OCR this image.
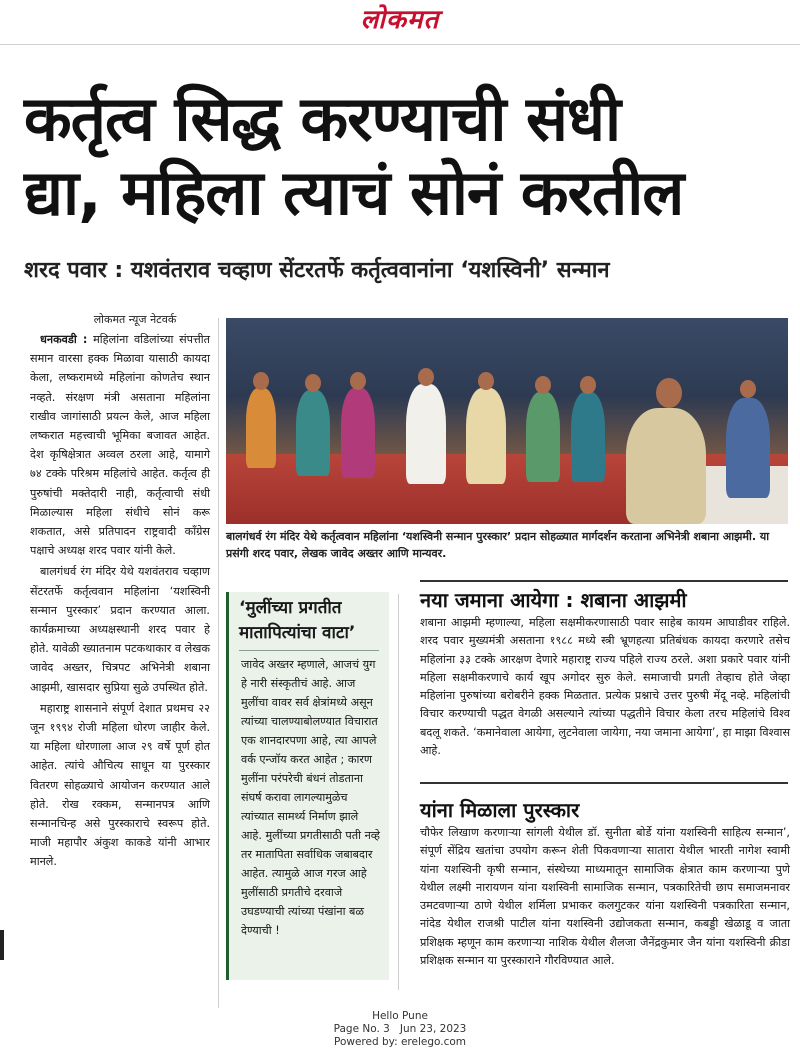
लोकमत
कर्तृत्व सिद्ध करण्याची संधी
द्या, महिला त्याचं सोनं करतील
शरद पवार : यशवंतराव चव्हाण सेंटरतर्फे कर्तृत्ववानांना ‘यशस्विनी’ सन्मान
लोकमत न्यूज नेटवर्क

धनकवडी : महिलांना वडिलांच्या संपत्तीत समान वारसा हक्क मिळावा यासाठी कायदा केला, लष्करामध्ये महिलांना कोणतेच स्थान नव्हते. संरक्षण मंत्री असताना महिलांना राखीव जागांसाठी प्रयत्न केले, आज महिला लष्करात महत्त्वाची भूमिका बजावत आहेत. देश कृषिक्षेत्रात अव्वल ठरला आहे, यामागे ७४ टक्के परिश्रम महिलांचे आहेत. कर्तृत्व ही पुरुषांची मक्तेदारी नाही, कर्तृत्वाची संधी मिळाल्यास महिला संधीचे सोनं करू शकतात, असे प्रतिपादन राष्ट्रवादी कॉंग्रेस पक्षाचे अध्यक्ष शरद पवार यांनी केले.

बालगंधर्व रंग मंदिर येथे यशवंतराव चव्हाण सेंटरतर्फे कर्तृत्ववान महिलांना ‘यशस्विनी सन्मान पुरस्कार’ प्रदान करण्यात आला. कार्यक्रमाच्या अध्यक्षस्थानी शरद पवार हे होते. यावेळी ख्यातनाम पटकथाकार व लेखक जावेद अख्तर, चित्रपट अभिनेत्री शबाना आझमी, खासदार सुप्रिया सुळे उपस्थित होते.

महाराष्ट्र शासनाने संपूर्ण देशात प्रथमच २२ जून १९९४ रोजी महिला धोरण जाहीर केले. या महिला धोरणाला आज २९ वर्षे पूर्ण होत आहेत. त्यांचे औचित्य साधून या पुरस्कार वितरण सोहळ्याचे आयोजन करण्यात आले होते. रोख रक्कम, सन्मानपत्र आणि सन्मानचिन्ह असे पुरस्काराचे स्वरूप होते. माजी महापौर अंकुश काकडे यांनी आभार मानले.

बालगंधर्व रंग मंदिर येथे कर्तृत्ववान महिलांना ‘यशस्विनी सन्मान पुरस्कार’ प्रदान सोहळ्यात मार्गदर्शन करताना अभिनेत्री शबाना आझमी. या प्रसंगी शरद पवार, लेखक जावेद अख्तर आणि मान्यवर.
‘मुलींच्या प्रगतीत मातापित्यांचा वाटा’
जावेद अख्तर म्हणाले, आजचं युग हे नारी संस्कृतीचं आहे. आज मुलींचा वावर सर्व क्षेत्रांमध्ये असून त्यांच्या चालण्याबोलण्यात विचारात एक शानदारपणा आहे, त्या आपले वर्क एन्जॉय करत आहेत ; कारण मुलींना परंपरेची बंधनं तोडताना संघर्ष करावा लागल्यामुळेच त्यांच्यात सामर्थ्य निर्माण झाले आहे. मुलींच्या प्रगतीसाठी पती नव्हे तर मातापिता सर्वाधिक जबाबदार आहेत. त्यामुळे आज गरज आहे मुलींसाठी प्रगतीचे दरवाजे उघडण्याची त्यांच्या पंखांना बळ देण्याची !
नया जमाना आयेगा : शबाना आझमी
शबाना आझमी म्हणाल्या, महिला सक्षमीकरणासाठी पवार साहेब कायम आघाडीवर राहिले. शरद पवार मुख्यमंत्री असताना १९८८ मध्ये स्त्री भ्रूणहत्या प्रतिबंधक कायदा करणारे तसेच महिलांना ३३ टक्के आरक्षण देणारे महाराष्ट्र राज्य पहिले राज्य ठरले. अशा प्रकारे पवार यांनी महिला सक्षमीकरणाचे कार्य खूप अगोदर सुरु केले. समाजाची प्रगती तेव्हाच होते जेव्हा महिलांना पुरुषांच्या बरोबरीने हक्क मिळतात. प्रत्येक प्रश्नाचे उत्तर पुरुषी मेंदू नव्हे. महिलांची विचार करण्याची पद्धत वेगळी असल्याने त्यांच्या पद्धतीने विचार केला तरच महिलांचे विश्व बदलू शकते. ‘कमानेवाला आयेगा, लुटनेवाला जायेगा, नया जमाना आयेगा’, हा माझा विश्वास आहे.
यांना मिळाला पुरस्कार
चौफेर लिखाण करणाऱ्या सांगली येथील डॉ. सुनीता बोर्डे यांना यशस्विनी साहित्य सन्मान’, संपूर्ण सेंद्रिय खतांचा उपयोग करून शेती पिकवणाऱ्या सातारा येथील भारती नागेश स्वामी यांना यशस्विनी कृषी सन्मान, संस्थेच्या माध्यमातून सामाजिक क्षेत्रात काम करणाऱ्या पुणे येथील लक्ष्मी नारायणन यांना यशस्विनी सामाजिक सन्मान, पत्रकारितेची छाप समाजमनावर उमटवणाऱ्या ठाणे येथील शर्मिला प्रभाकर कलगुटकर यांना यशस्विनी पत्रकारिता सन्मान, नांदेड येथील राजश्री पाटील यांना यशस्विनी उद्योजकता सन्मान, कबड्डी खेळाडू व जाता प्रशिक्षक म्हणून काम करणाऱ्या नाशिक येथील शैलजा जैनेंद्रकुमार जैन यांना यशस्विनी क्रीडा प्रशिक्षक सन्मान या पुरस्काराने गौरविण्यात आले.
Hello Pune
Page No. 3 Jun 23, 2023
Powered by: erelego.com
